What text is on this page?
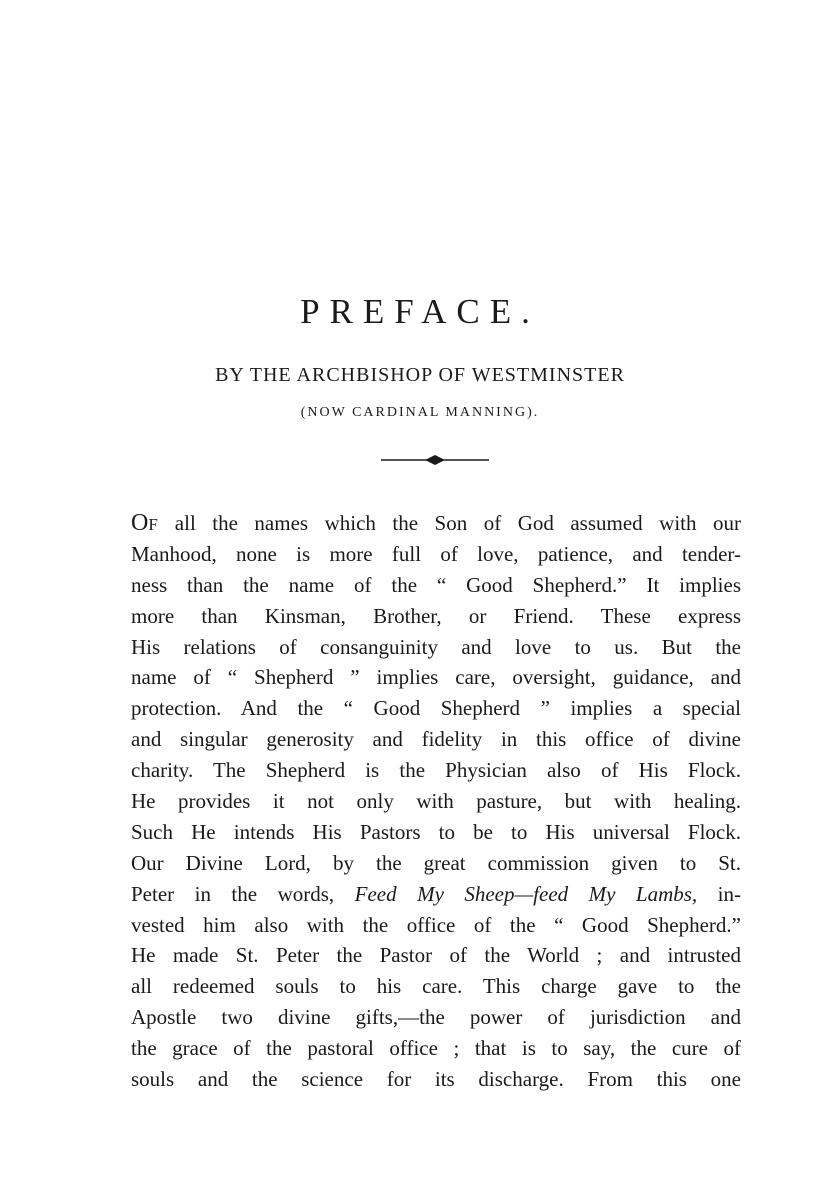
PREFACE.
BY THE ARCHBISHOP OF WESTMINSTER
(NOW CARDINAL MANNING).
OF all the names which the Son of God assumed with our
Manhood, none is more full of love, patience, and tender-
ness than the name of the “ Good Shepherd.” It implies
more than Kinsman, Brother, or Friend. These express
His relations of consanguinity and love to us. But the
name of “ Shepherd ” implies care, oversight, guidance, and
protection. And the “ Good Shepherd ” implies a special
and singular generosity and fidelity in this office of divine
charity. The Shepherd is the Physician also of His Flock.
He provides it not only with pasture, but with healing.
Such He intends His Pastors to be to His universal Flock.
Our Divine Lord, by the great commission given to St.
Peter in the words, Feed My Sheep—feed My Lambs, in-
vested him also with the office of the “ Good Shepherd.”
He made St. Peter the Pastor of the World ; and intrusted
all redeemed souls to his care. This charge gave to the
Apostle two divine gifts,—the power of jurisdiction and
the grace of the pastoral office ; that is to say, the cure of
souls and the science for its discharge. From this one
